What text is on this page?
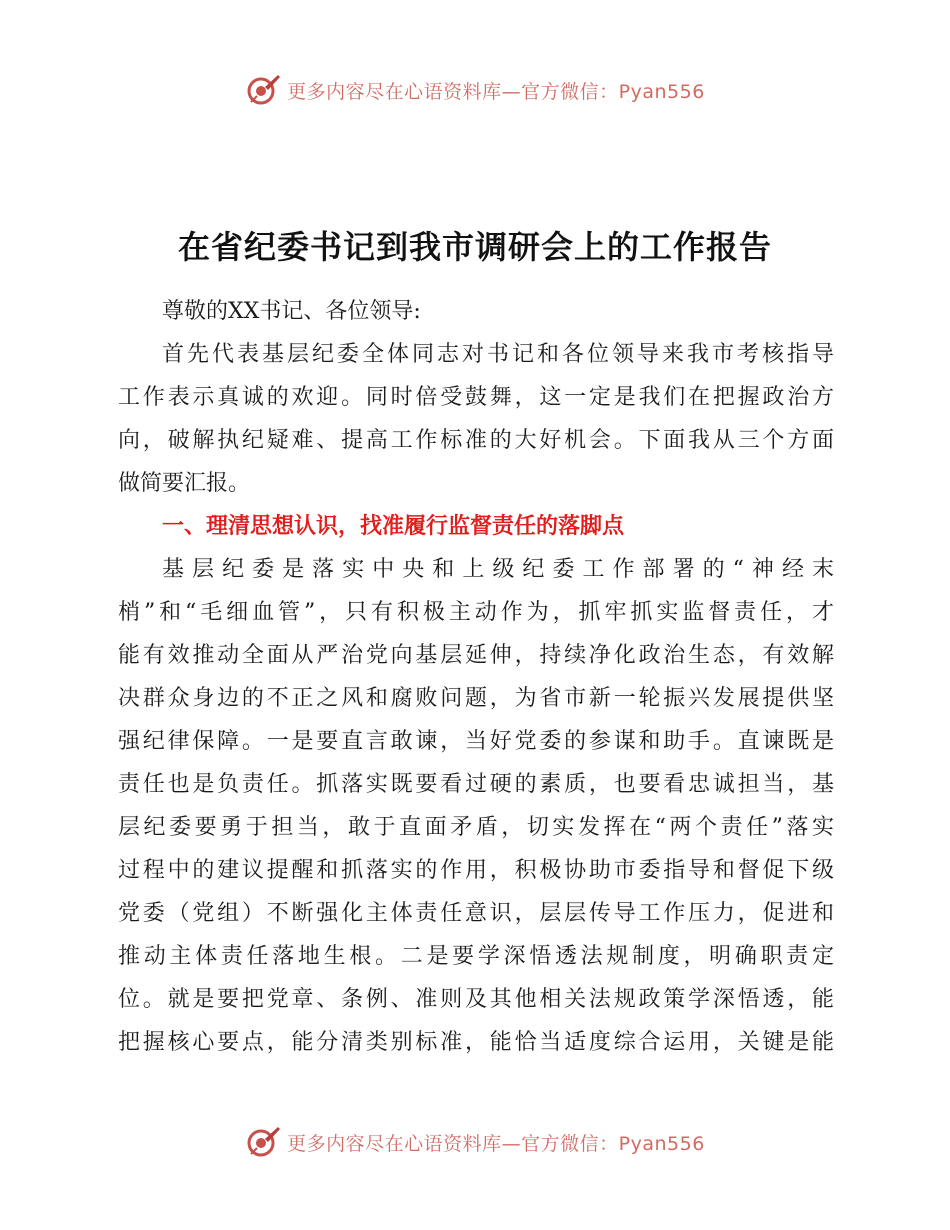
更多内容尽在心语资料库—官方微信：Pyan556
在省纪委书记到我市调研会上的工作报告
尊敬的XX书记、各位领导:
首先代表基层纪委全体同志对书记和各位领导来我市考核指导
工作表示真诚的欢迎。同时倍受鼓舞，这一定是我们在把握政治方
向，破解执纪疑难、提高工作标准的大好机会。下面我从三个方面
做简要汇报。
一、理清思想认识，找准履行监督责任的落脚点
基层纪委是落实中央和上级纪委工作部署的“神经末
梢”和“毛细血管”，只有积极主动作为，抓牢抓实监督责任，才
能有效推动全面从严治党向基层延伸，持续净化政治生态，有效解
决群众身边的不正之风和腐败问题，为省市新一轮振兴发展提供坚
强纪律保障。一是要直言敢谏，当好党委的参谋和助手。直谏既是
责任也是负责任。抓落实既要看过硬的素质，也要看忠诚担当，基
层纪委要勇于担当，敢于直面矛盾，切实发挥在“两个责任”落实
过程中的建议提醒和抓落实的作用，积极协助市委指导和督促下级
党委（党组）不断强化主体责任意识，层层传导工作压力，促进和
推动主体责任落地生根。二是要学深悟透法规制度，明确职责定
位。就是要把党章、条例、准则及其他相关法规政策学深悟透，能
把握核心要点，能分清类别标准，能恰当适度综合运用，关键是能
更多内容尽在心语资料库—官方微信：Pyan556
